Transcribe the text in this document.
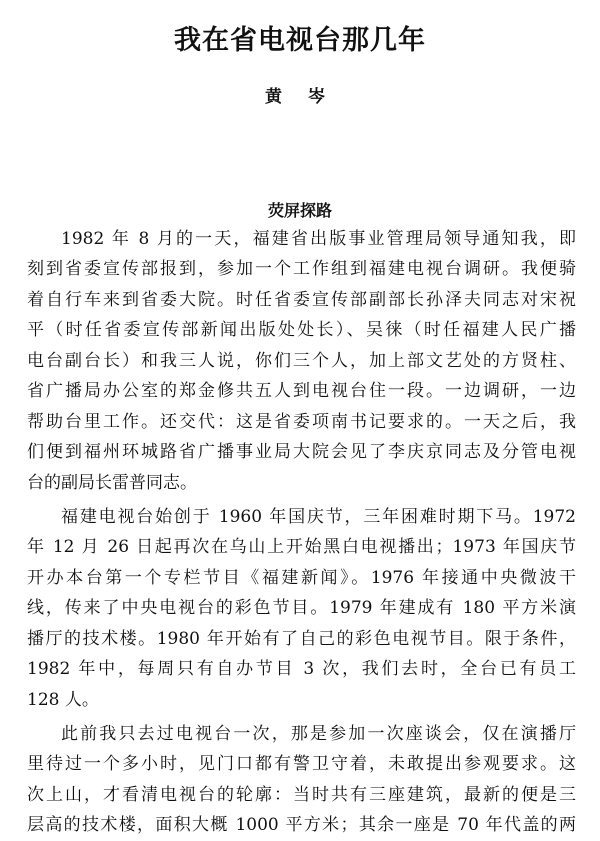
我在省电视台那几年
黄 岑
荧屏探路
1982 年 8 月的一天，福建省出版事业管理局领导通知我，即
刻到省委宣传部报到，参加一个工作组到福建电视台调研。我便骑
着自行车来到省委大院。时任省委宣传部副部长孙泽夫同志对宋祝
平（时任省委宣传部新闻出版处处长）、吴徕（时任福建人民广播
电台副台长）和我三人说，你们三个人，加上部文艺处的方贤柱、
省广播局办公室的郑金修共五人到电视台住一段。一边调研，一边
帮助台里工作。还交代：这是省委项南书记要求的。一天之后，我
们便到福州环城路省广播事业局大院会见了李庆京同志及分管电视
台的副局长雷普同志。
福建电视台始创于 1960 年国庆节，三年困难时期下马。1972
年 12 月 26 日起再次在乌山上开始黑白电视播出；1973 年国庆节
开办本台第一个专栏节目《福建新闻》。1976 年接通中央微波干
线，传来了中央电视台的彩色节目。1979 年建成有 180 平方米演
播厅的技术楼。1980 年开始有了自己的彩色电视节目。限于条件，
1982 年中，每周只有自办节目 3 次，我们去时，全台已有员工
128 人。
此前我只去过电视台一次，那是参加一次座谈会，仅在演播厅
里待过一个多小时，见门口都有警卫守着，未敢提出参观要求。这
次上山，才看清电视台的轮廓：当时共有三座建筑，最新的便是三
层高的技术楼，面积大概 1000 平方米；其余一座是 70 年代盖的两
